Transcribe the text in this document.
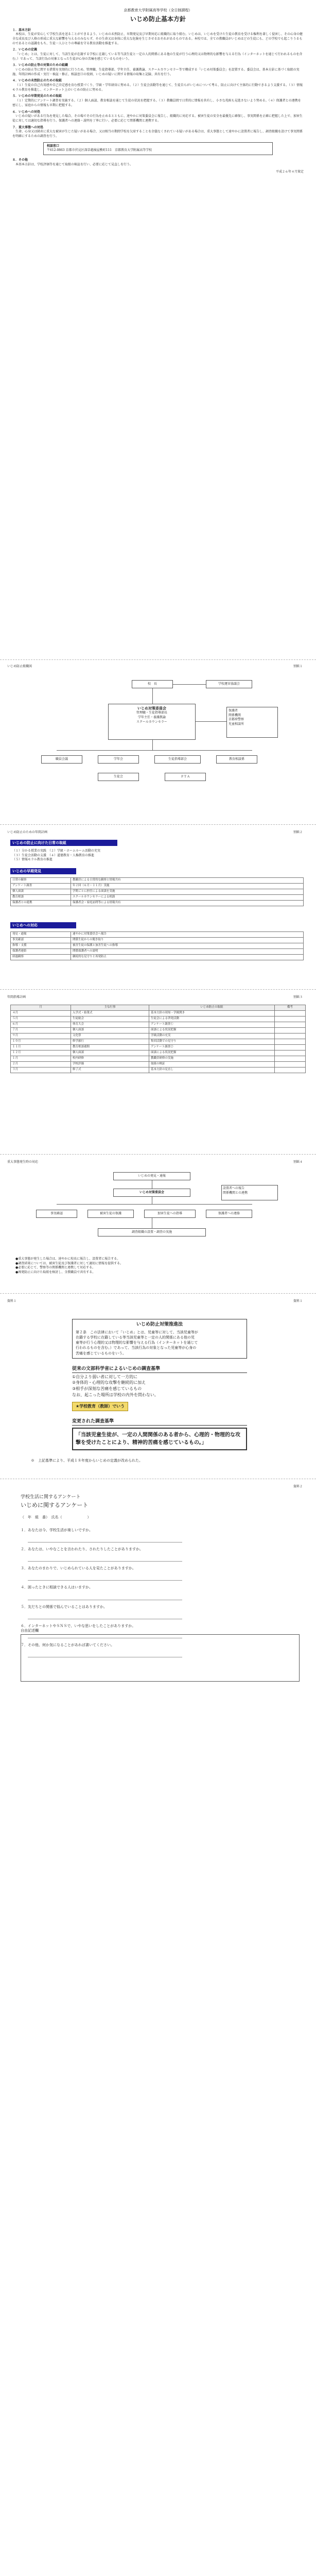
京都教育大学附属高等学校（全日制課程）
いじめ防止基本方針
１．基本方針

本校は、生徒が安心して学校生活を送ることができるよう、いじめの未然防止、早期発見及び早期対応に組織的に取り組む。いじめは、いじめを受けた生徒の教育を受ける権利を著しく侵害し、その心身の健全な成長及び人格の形成に重大な影響を与えるのみならず、その生命又は身体に重大な危険を生じさせるおそれがあるものである。本校では、全ての教職員がいじめはどの生徒にも、どの学校でも起こりうるものであるとの認識をもち、生徒一人ひとりの尊厳を守る教育活動を推進する。

２．いじめの定義

「いじめ」とは、生徒に対して、当該生徒が在籍する学校に在籍している等当該生徒と一定の人的関係にある他の生徒が行う心理的又は物理的な影響を与える行為（インターネットを通じて行われるものを含む。）であって、当該行為の対象となった生徒が心身の苦痛を感じているものをいう。

３．いじめの防止等の対策のための組織

いじめの防止等に関する措置を実効的に行うため、管理職、生徒指導部、学年主任、養護教諭、スクールカウンセラー等で構成する「いじめ対策委員会」を設置する。委員会は、基本方針に基づく取組の実施、年間計画の作成・実行・検証・修正、相談窓口の役割、いじめの疑いに関する情報の収集と記録、共有を行う。

４．いじめの未然防止のための取組

（１）生徒の自己有用感や自己肯定感を育む授業づくり、学級・学年経営に努める。（２）生徒会活動等を通じて、生徒自らがいじめについて考え、防止に向けて主体的に行動できるよう支援する。（３）情報モラル教育を推進し、インターネット上のいじめの防止に努める。

５．いじめの早期発見のための取組

（１）定期的にアンケート調査を実施する。（２）個人面談、教育相談を通じて生徒の状況を把握する。（３）教職員間で日常的に情報を共有し、小さな兆候も見逃さないよう努める。（４）保護者との連携を密にし、家庭からの情報も早期に把握する。

６．いじめへの対処

いじめの疑いがある行為を発見した場合、その場でその行為を止めるとともに、速やかに対策委員会に報告し、組織的に対応する。被害生徒の安全を最優先に確保し、事実関係を正確に把握した上で、加害生徒に対しては適切な指導を行う。保護者への連絡・説明を丁寧に行い、必要に応じて関係機関と連携する。

７．重大事態への対処

生命、心身又は財産に重大な被害が生じた疑いがある場合、又は相当の期間学校を欠席することを余儀なくされている疑いがある場合は、重大事態として速やかに設置者に報告し、調査組織を設けて事実関係を明確にするための調査を行う。

相談窓口
〒612-0863 京都市伏見区深草越後屋敷町111　京都教育大学附属高等学校
８．その他

本基本方針は、学校評価等を通じて取組の検証を行い、必要に応じて見直しを行う。

平成２６年４月策定
いじめ防止組織図	別紙１
校　長	学校運営協議会
いじめ対策委員会
管理職・生徒指導部長
学年主任・養護教諭
スクールカウンセラー
保護者
関係機関
京都府警察
児童相談所
職員会議	学年会	生徒指導部会	教育相談係
生徒会	ＰＴＡ
いじめ防止のための年間計画	別紙２
いじめの防止に向けた日常の取組
（１）分かる授業の実践　（２）学級・ホームルーム活動の充実
（３）生徒会活動の支援　（４）道徳教育・人権教育の推進
（５）情報モラル教育の推進
いじめの早期発見
日常の観察	教職員による日常的な観察と情報共有
アンケート調査	年２回（６月・１１月）実施
個人面談	学期ごとに担任による面談を実施
教育相談	スクールカウンセラーによる相談
保護者との連携	保護者会・家庭訪問等による情報共有
いじめへの対応
発見・通報	速やかに対策委員会へ報告
事実確認	関係生徒からの聞き取り
指導・支援	被害生徒の保護と加害生徒への指導
保護者連絡	関係保護者への説明
経過観察	継続的な見守りと再発防止
年間指導計画	別紙３
月	主な行事	いじめ防止の取組	備考
４月	入学式・始業式	基本方針の周知・学級開き	
５月	生徒総会	生徒会による啓発活動	
６月	体育大会	アンケート調査①	
７月	個人面談	面談による状況把握	
９月	文化祭	学級活動の充実	
１０月	修学旅行	集団活動での見守り	
１１月	教育相談週間	アンケート調査②	
１２月	個人面談	面談による状況把握	
１月	校内研修	教職員研修の実施	
２月	学校評価	取組の検証	
３月	修了式	基本方針の見直し	
重大事態発生時の対応	別紙４
いじめの発見・通報
いじめ対策委員会
事実確認	被害生徒の保護	加害生徒への指導	保護者への連絡
設置者への報告
関係機関との連携
調査組織の設置・調査の実施
●重大事態が発生した場合は、速やかに校長に報告し、設置者に報告する。
●調査結果については、被害生徒及び保護者に対して適切に情報を提供する。
●必要に応じて、警察等の関係機関と連携して対応する。
●再発防止に向けた取組を検討し、全教職員で共有する。
資料１	資料１
いじめ防止対策推進法
第２条　この法律において「いじめ」とは、児童等に対して、当該児童等が
在籍する学校に在籍している等当該児童等と一定の人的関係にある他の児
童等が行う心理的又は物理的な影響を与える行為（インターネットを通じて
行われるものを含む。）であって、当該行為の対象となった児童等が心身の
苦痛を感じているものをいう。
従来の文部科学省によるいじめの調査基準
①自分より弱い者に対して一方的に
②身体的・心理的な攻撃を継続的に加え
③相手が深刻な苦痛を感じているもの
なお、起こった場所は学校の内外を問わない。
★学校教育（教師）でいう
変更された調査基準
「当該児童生徒が、一定の人間関係のある者から、心理的・物理的な攻撃を受けたことにより、精神的苦痛を感じているもの。」
※　上記基準により、平成１８年度からいじめの定義が改められた。
資料２
学校生活に関するアンケート
いじめに関するアンケート
（　年　組　番）　氏名（　　　　　　　）
１．あなたは今、学校生活が楽しいですか。
２．あなたは、いやなことを言われたり、されたりしたことがありますか。
３．あなたのまわりで、いじめられている人を見たことがありますか。
４．困ったときに相談できる人はいますか。
５．友だちとの関係で悩んでいることはありますか。
６．インターネットやＳＮＳで、いやな思いをしたことがありますか。
７．その他、何か気になることがあれば書いてください。
自由記述欄
